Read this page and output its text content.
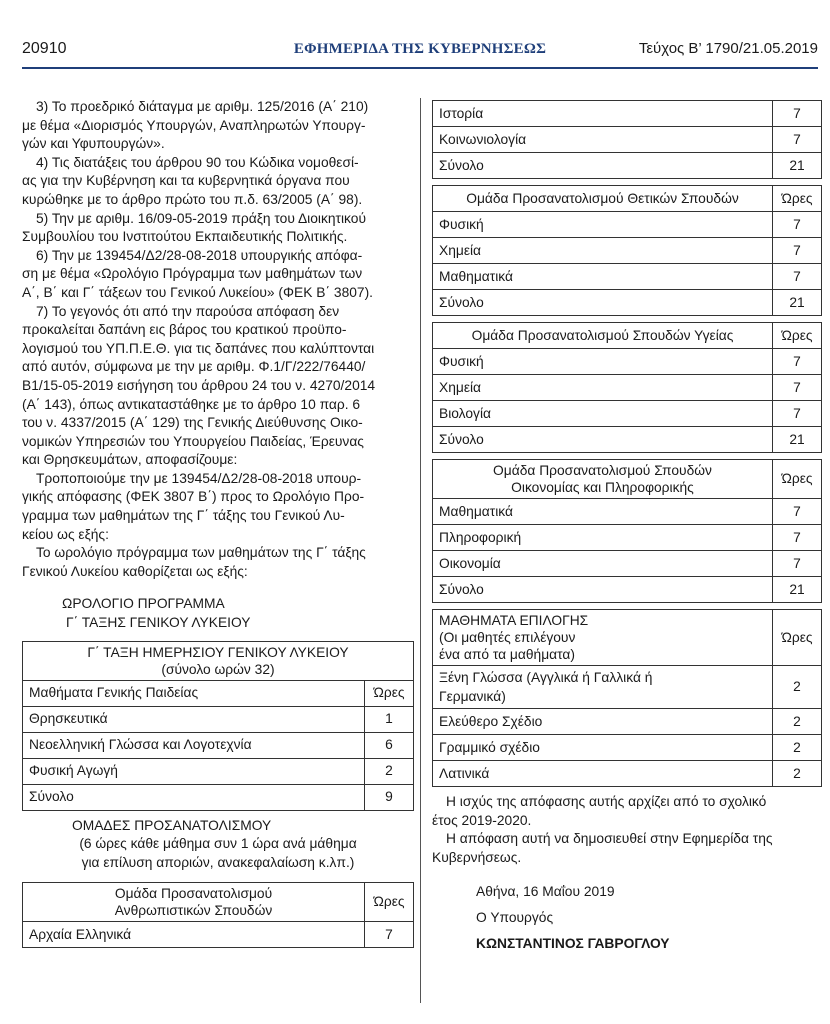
20910	ΕΦΗΜΕΡΙΔΑ ΤΗΣ ΚΥΒΕΡΝΗΣΕΩΣ	Τεύχος Β’ 1790/21.05.2019
3) Το προεδρικό διάταγμα με αριθμ. 125/2016 (Α΄ 210)
με θέμα «Διορισμός Υπουργών, Αναπληρωτών Υπουργ-
γών και Υφυπουργών».
4) Τις διατάξεις του άρθρου 90 του Κώδικα νομοθεσί-
ας για την Κυβέρνηση και τα κυβερνητικά όργανα που
κυρώθηκε με το άρθρο πρώτο του π.δ. 63/2005 (Α΄ 98).
5) Την με αριθμ. 16/09-05-2019 πράξη του Διοικητικού
Συμβουλίου του Ινστιτούτου Εκπαιδευτικής Πολιτικής.
6) Την με 139454/Δ2/28-08-2018 υπουργικής απόφα-
ση με θέμα «Ωρολόγιο Πρόγραμμα των μαθημάτων των
Α΄, Β΄ και Γ΄ τάξεων του Γενικού Λυκείου» (ΦΕΚ Β΄ 3807).
7) Το γεγονός ότι από την παρούσα απόφαση δεν
προκαλείται δαπάνη εις βάρος του κρατικού προϋπο-
λογισμού του ΥΠ.Π.Ε.Θ. για τις δαπάνες που καλύπτονται
από αυτόν, σύμφωνα με την με αριθμ. Φ.1/Γ/222/76440/
Β1/15-05-2019 εισήγηση του άρθρου 24 του ν. 4270/2014
(Α΄ 143), όπως αντικαταστάθηκε με το άρθρο 10 παρ. 6
του ν. 4337/2015 (Α΄ 129) της Γενικής Διεύθυνσης Οικο-
νομικών Υπηρεσιών του Υπουργείου Παιδείας, Έρευνας
και Θρησκευμάτων, αποφασίζουμε:
Τροποποιούμε την με 139454/Δ2/28-08-2018 υπουρ-
γικής απόφασης (ΦΕΚ 3807 Β΄) προς το Ωρολόγιο Προ-
γραμμα των μαθημάτων της Γ΄ τάξης του Γενικού Λυ-
κείου ως εξής:
Το ωρολόγιο πρόγραμμα των μαθημάτων της Γ΄ τάξης
Γενικού Λυκείου καθορίζεται ως εξής:
ΩΡΟΛΟΓΙΟ ΠΡΟΓΡΑΜΜΑ
Γ΄ ΤΑΞΗΣ ΓΕΝΙΚΟΥ ΛΥΚΕΙΟΥ
Γ΄ ΤΑΞΗ ΗΜΕΡΗΣΙΟΥ ΓΕΝΙΚΟΥ ΛΥΚΕΙΟΥ
(σύνολο ωρών 32)	

Μαθήματα Γενικής Παιδείας	Ώρες
Θρησκευτικά	1
Νεοελληνική Γλώσσα και Λογοτεχνία	6
Φυσική Αγωγή	2
Σύνολο	9
ΟΜΑΔΕΣ ΠΡΟΣΑΝΑΤΟΛΙΣΜΟΥ
(6 ώρες κάθε μάθημα συν 1 ώρα ανά μάθημα
για επίλυση αποριών, ανακεφαλαίωση κ.λπ.)
Ομάδα Προσανατολισμού
Ανθρωπιστικών Σπουδών	Ώρες
Αρχαία Ελληνικά	7
Ιστορία	7
Κοινωνιολογία	7
Σύνολο	21
Ομάδα Προσανατολισμού Θετικών Σπουδών	Ώρες
Φυσική	7
Χημεία	7
Μαθηματικά	7
Σύνολο	21
Ομάδα Προσανατολισμού Σπουδών Υγείας	Ώρες
Φυσική	7
Χημεία	7
Βιολογία	7
Σύνολο	21
Ομάδα Προσανατολισμού Σπουδών
Οικονομίας και Πληροφορικής	Ώρες
Μαθηματικά	7
Πληροφορική	7
Οικονομία	7
Σύνολο	21
ΜΑΘΗΜΑΤΑ ΕΠΙΛΟΓΗΣ
(Οι μαθητές επιλέγουν
ένα από τα μαθήματα)	Ώρες
Ξένη Γλώσσα (Αγγλικά ή Γαλλικά ή Γερμανικά)	2
Ελεύθερο Σχέδιο	2
Γραμμικό σχέδιο	2
Λατινικά	2
Η ισχύς της απόφασης αυτής αρχίζει από το σχολικό
έτος 2019-2020.
Η απόφαση αυτή να δημοσιευθεί στην Εφημερίδα της
Κυβερνήσεως.
Αθήνα, 16 Μαΐου 2019
Ο Υπουργός
ΚΩΝΣΤΑΝΤΙΝΟΣ ΓΑΒΡΟΓΛΟΥ
